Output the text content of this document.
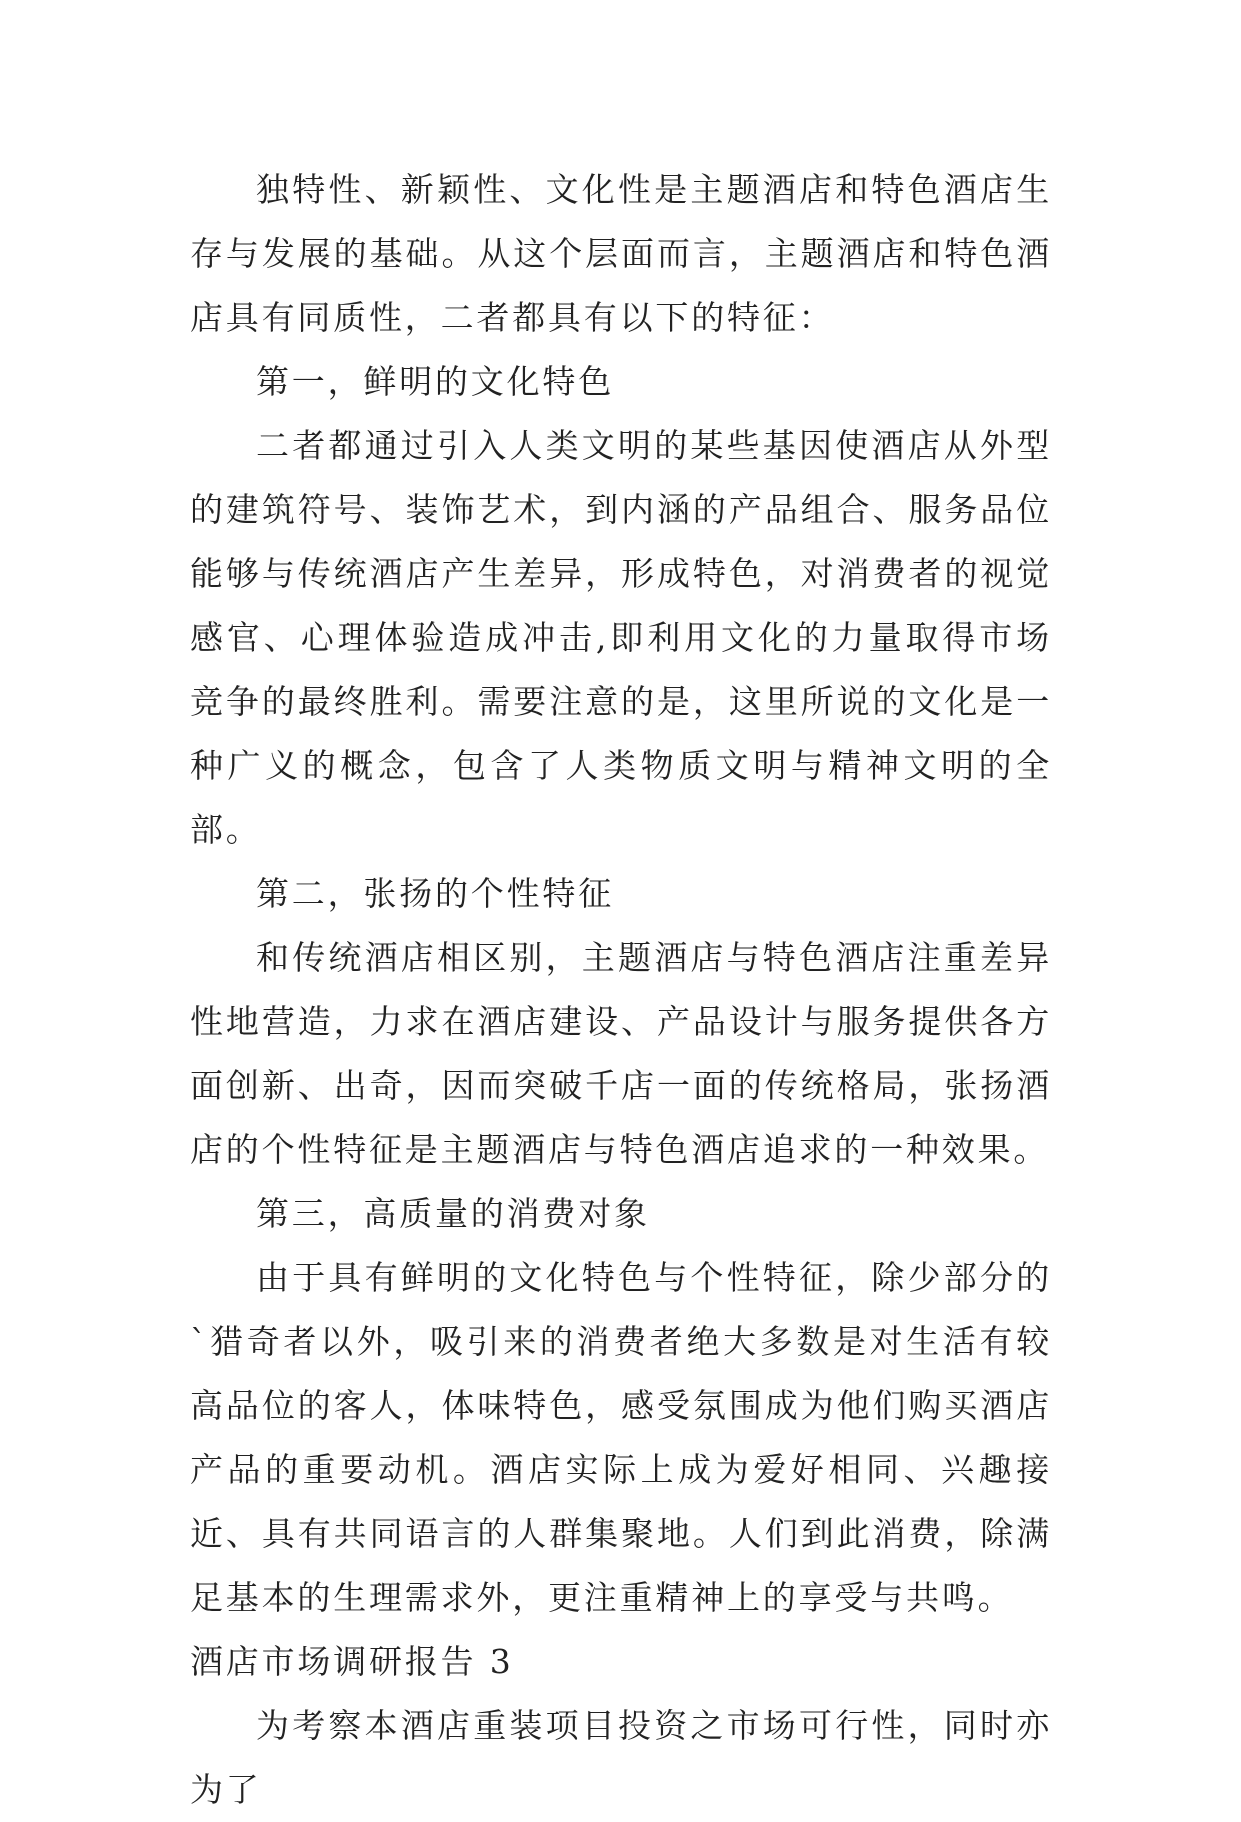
独特性、新颖性、文化性是主题酒店和特色酒店生存与发展的基础。从这个层面而言，主题酒店和特色酒店具有同质性，二者都具有以下的特征：

第一，鲜明的文化特色

二者都通过引入人类文明的某些基因使酒店从外型的建筑符号、装饰艺术，到内涵的产品组合、服务品位能够与传统酒店产生差异，形成特色，对消费者的视觉感官、心理体验造成冲击,即利用文化的力量取得市场竞争的最终胜利。需要注意的是，这里所说的文化是一种广义的概念，包含了人类物质文明与精神文明的全部。

第二，张扬的个性特征

和传统酒店相区别，主题酒店与特色酒店注重差异性地营造，力求在酒店建设、产品设计与服务提供各方面创新、出奇，因而突破千店一面的传统格局，张扬酒店的个性特征是主题酒店与特色酒店追求的一种效果。

第三，高质量的消费对象

由于具有鲜明的文化特色与个性特征，除少部分的`猎奇者以外，吸引来的消费者绝大多数是对生活有较高品位的客人，体味特色，感受氛围成为他们购买酒店产品的重要动机。酒店实际上成为爱好相同、兴趣接近、具有共同语言的人群集聚地。人们到此消费，除满足基本的生理需求外，更注重精神上的享受与共鸣。

酒店市场调研报告 3

为考察本酒店重装项目投资之市场可行性，同时亦为了
